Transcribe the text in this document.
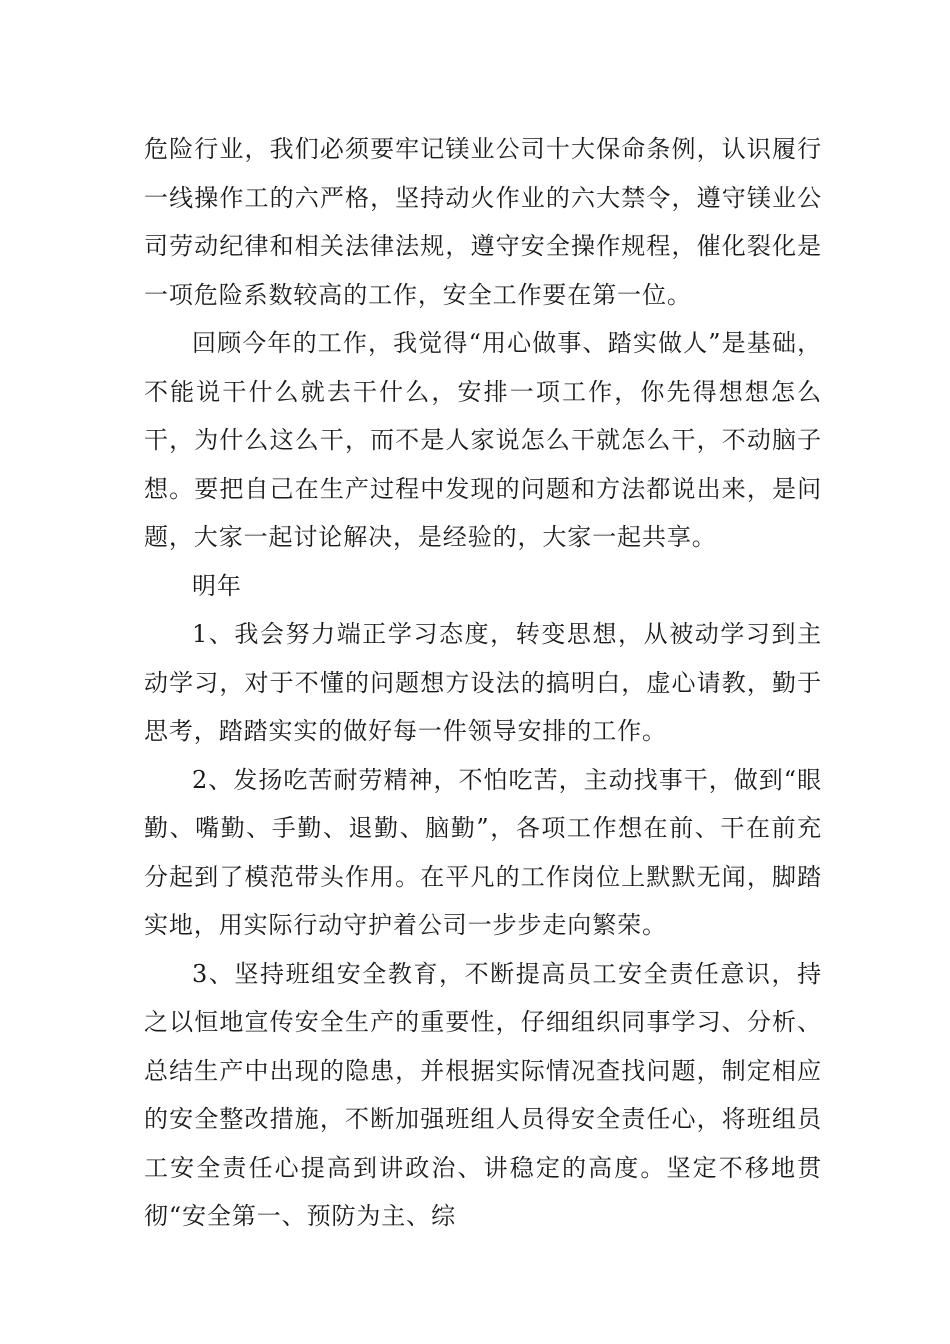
危险行业，我们必须要牢记镁业公司十大保命条例，认识履行一线操作工的六严格，坚持动火作业的六大禁令，遵守镁业公司劳动纪律和相关法律法规，遵守安全操作规程，催化裂化是一项危险系数较高的工作，安全工作要在第一位。

回顾今年的工作，我觉得“用心做事、踏实做人”是基础，不能说干什么就去干什么，安排一项工作，你先得想想怎么干，为什么这么干，而不是人家说怎么干就怎么干，不动脑子想。要把自己在生产过程中发现的问题和方法都说出来，是问题，大家一起讨论解决，是经验的，大家一起共享。

明年

1、我会努力端正学习态度，转变思想，从被动学习到主动学习，对于不懂的问题想方设法的搞明白，虚心请教，勤于思考，踏踏实实的做好每一件领导安排的工作。

2、发扬吃苦耐劳精神，不怕吃苦，主动找事干，做到“眼勤、嘴勤、手勤、退勤、脑勤”，各项工作想在前、干在前充分起到了模范带头作用。在平凡的工作岗位上默默无闻，脚踏实地，用实际行动守护着公司一步步走向繁荣。

3、坚持班组安全教育，不断提高员工安全责任意识，持之以恒地宣传安全生产的重要性，仔细组织同事学习、分析、总结生产中出现的隐患，并根据实际情况查找问题，制定相应的安全整改措施，不断加强班组人员得安全责任心，将班组员工安全责任心提高到讲政治、讲稳定的高度。坚定不移地贯彻“安全第一、预防为主、综
